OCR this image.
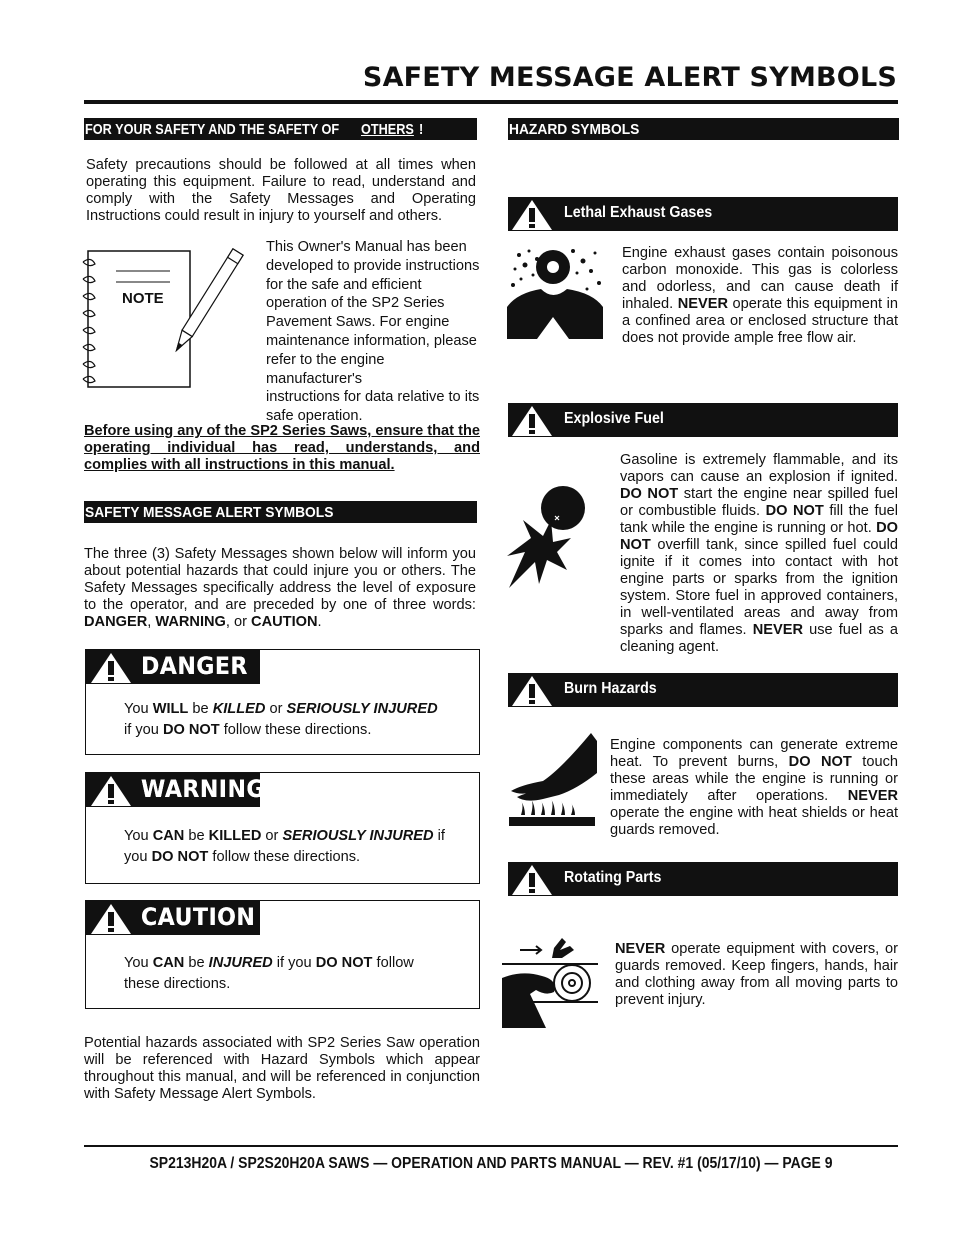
SAFETY MESSAGE ALERT SYMBOLS
FOR YOUR SAFETY AND THE SAFETY OFOTHERS !
Safety precautions should be followed at all times when operating this equipment. Failure to read, understand and comply with the Safety Messages and Operating Instructions could result in injury to yourself and others.
NOTE
This Owner's Manual has been
developed to provide instructions
for the safe and efficient
operation of the SP2 Series
Pavement Saws. For engine
maintenance information, please
refer to the engine manufacturer's
instructions for data relative to its
safe operation.
Before using any of the SP2 Series Saws, ensure that the operating individual has read, understands, and complies with all instructions in this manual.
SAFETY MESSAGE ALERT SYMBOLS
The three (3) Safety Messages shown below will inform you about potential hazards that could injure you or others. The Safety Messages specifically address the level of exposure to the operator, and are preceded by one of three words: DANGER, WARNING, or CAUTION.
DANGER
You WILL be KILLED or SERIOUSLY INJURED
if you DO NOT follow these directions.
WARNING
You CAN be KILLED or SERIOUSLY INJURED if
you DO NOT follow these directions.
CAUTION
You CAN be INJURED if you DO NOT follow
these directions.
Potential hazards associated with SP2 Series Saw operation will be referenced with Hazard Symbols which appear throughout this manual, and will be referenced in conjunction with Safety Message Alert Symbols.
HAZARD SYMBOLS
Lethal Exhaust Gases
Engine exhaust gases contain poisonous carbon monoxide. This gas is colorless and odorless, and can cause death if inhaled. NEVER operate this equipment in a confined area or enclosed structure that does not provide ample free flow air.
Explosive Fuel
Gasoline is extremely flammable, and its vapors can cause an explosion if ignited. DO NOT start the engine near spilled fuel or combustible fluids. DO NOT fill the fuel tank while the engine is running or hot. DO NOT overfill tank, since spilled fuel could ignite if it comes into contact with hot engine parts or sparks from the ignition system. Store fuel in approved containers, in well-ventilated areas and away from sparks and flames. NEVER use fuel as a cleaning agent.
Burn Hazards
Engine components can generate extreme heat. To prevent burns, DO NOT touch these areas while the engine is running or immediately after operations. NEVER operate the engine with heat shields or heat guards removed.
Rotating Parts
NEVER operate equipment with covers, or guards removed. Keep fingers, hands, hair and clothing away from all moving parts to prevent injury.
SP213H20A / SP2S20H20A SAWS — OPERATION AND PARTS MANUAL — REV. #1 (05/17/10) — PAGE 9
